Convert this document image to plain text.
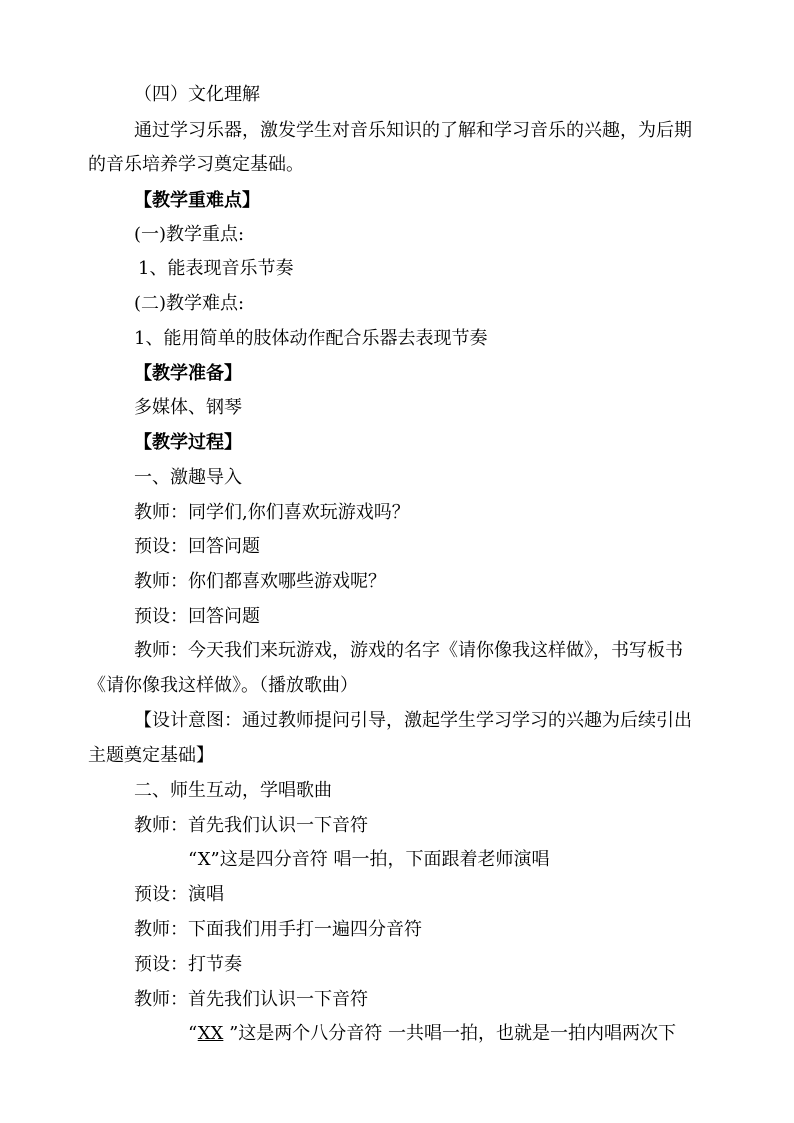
（四）文化理解
通过学习乐器，激发学生对音乐知识的了解和学习音乐的兴趣，为后期
的音乐培养学习奠定基础。
【教学重难点】
(一)教学重点:
1、能表现音乐节奏
(二)教学难点:
1、能用简单的肢体动作配合乐器去表现节奏
【教学准备】
多媒体、钢琴
【教学过程】
一、激趣导入
教师：同学们,你们喜欢玩游戏吗？
预设：回答问题
教师：你们都喜欢哪些游戏呢？
预设：回答问题
教师：今天我们来玩游戏，游戏的名字《请你像我这样做》，书写板书
《请你像我这样做》。（播放歌曲）
【设计意图：通过教师提问引导，激起学生学习学习的兴趣为后续引出
主题奠定基础】
二、师生互动，学唱歌曲
教师：首先我们认识一下音符
“X”这是四分音符 唱一拍，下面跟着老师演唱
预设：演唱
教师：下面我们用手打一遍四分音符
预设：打节奏
教师：首先我们认识一下音符
“XX ”这是两个八分音符 一共唱一拍，也就是一拍内唱两次下
